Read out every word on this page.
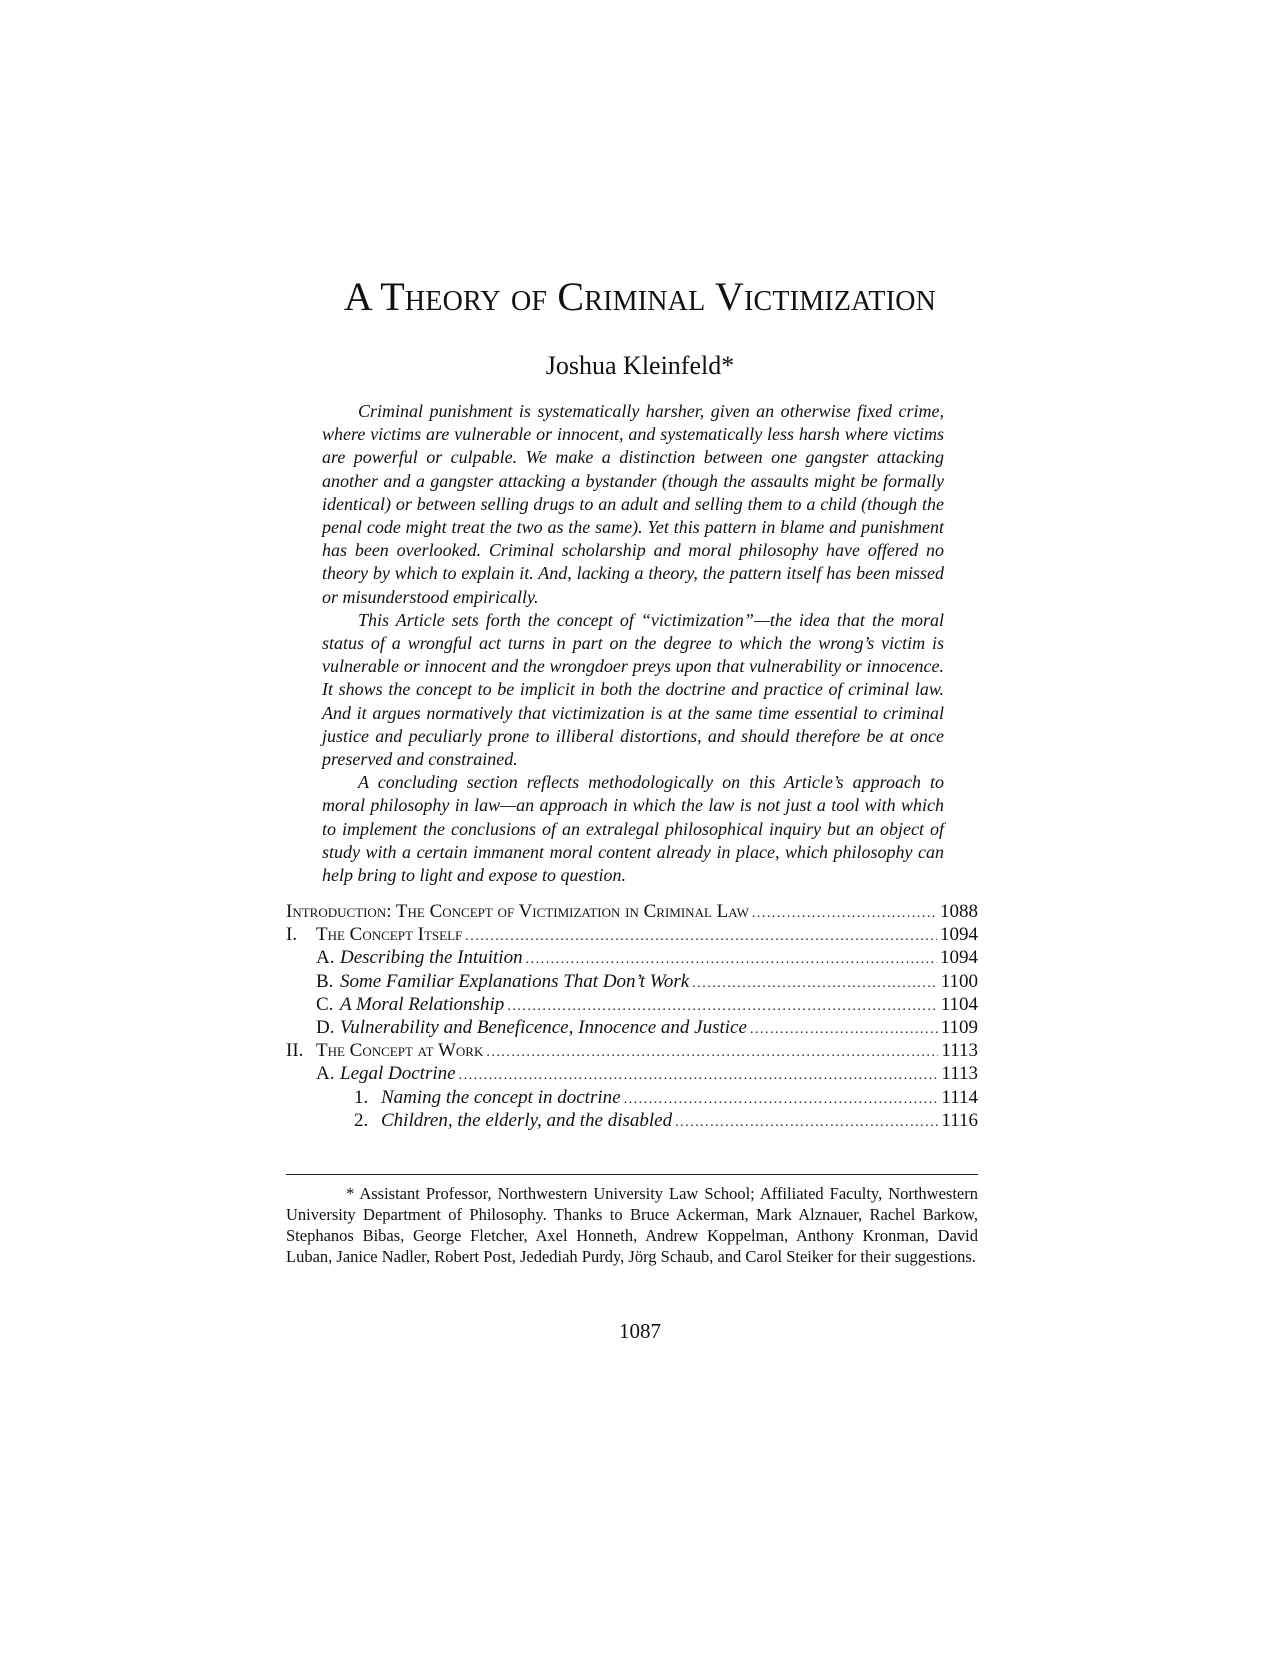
A Theory of Criminal Victimization
Joshua Kleinfeld*

Criminal punishment is systematically harsher, given an otherwise fixed crime, where victims are vulnerable or innocent, and systematically less harsh where victims are powerful or culpable. We make a distinction between one gangster attacking another and a gangster attacking a bystander (though the assaults might be formally identical) or between selling drugs to an adult and selling them to a child (though the penal code might treat the two as the same). Yet this pattern in blame and punishment has been overlooked. Criminal scholarship and moral philosophy have offered no theory by which to explain it. And, lacking a theory, the pattern itself has been missed or misunderstood empirically.

This Article sets forth the concept of “victimization”—the idea that the moral status of a wrongful act turns in part on the degree to which the wrong’s victim is vulnerable or innocent and the wrongdoer preys upon that vulnerability or innocence. It shows the concept to be implicit in both the doctrine and practice of criminal law. And it argues normatively that victimization is at the same time essential to criminal justice and peculiarly prone to illiberal distortions, and should therefore be at once preserved and constrained.

A concluding section reflects methodologically on this Article’s approach to moral philosophy in law—an approach in which the law is not just a tool with which to implement the conclusions of an extralegal philosophical inquiry but an object of study with a certain immanent moral content already in place, which philosophy can help bring to light and expose to question.

Introduction: The Concept of Victimization in Criminal Law .....	1088
I. The Concept Itself .....	1094
A. Describing the Intuition .....	1094
B. Some Familiar Explanations That Don’t Work .....	1100
C. A Moral Relationship .....	1104
D. Vulnerability and Beneficence, Innocence and Justice .....	1109
II. The Concept at Work .....	1113
A. Legal Doctrine .....	1113
1. Naming the concept in doctrine .....	1114
2. Children, the elderly, and the disabled .....	1116

* Assistant Professor, Northwestern University Law School; Affiliated Faculty, Northwestern University Department of Philosophy. Thanks to Bruce Ackerman, Mark Alznauer, Rachel Barkow, Stephanos Bibas, George Fletcher, Axel Honneth, Andrew Koppelman, Anthony Kronman, David Luban, Janice Nadler, Robert Post, Jedediah Purdy, Jörg Schaub, and Carol Steiker for their suggestions.

1087
